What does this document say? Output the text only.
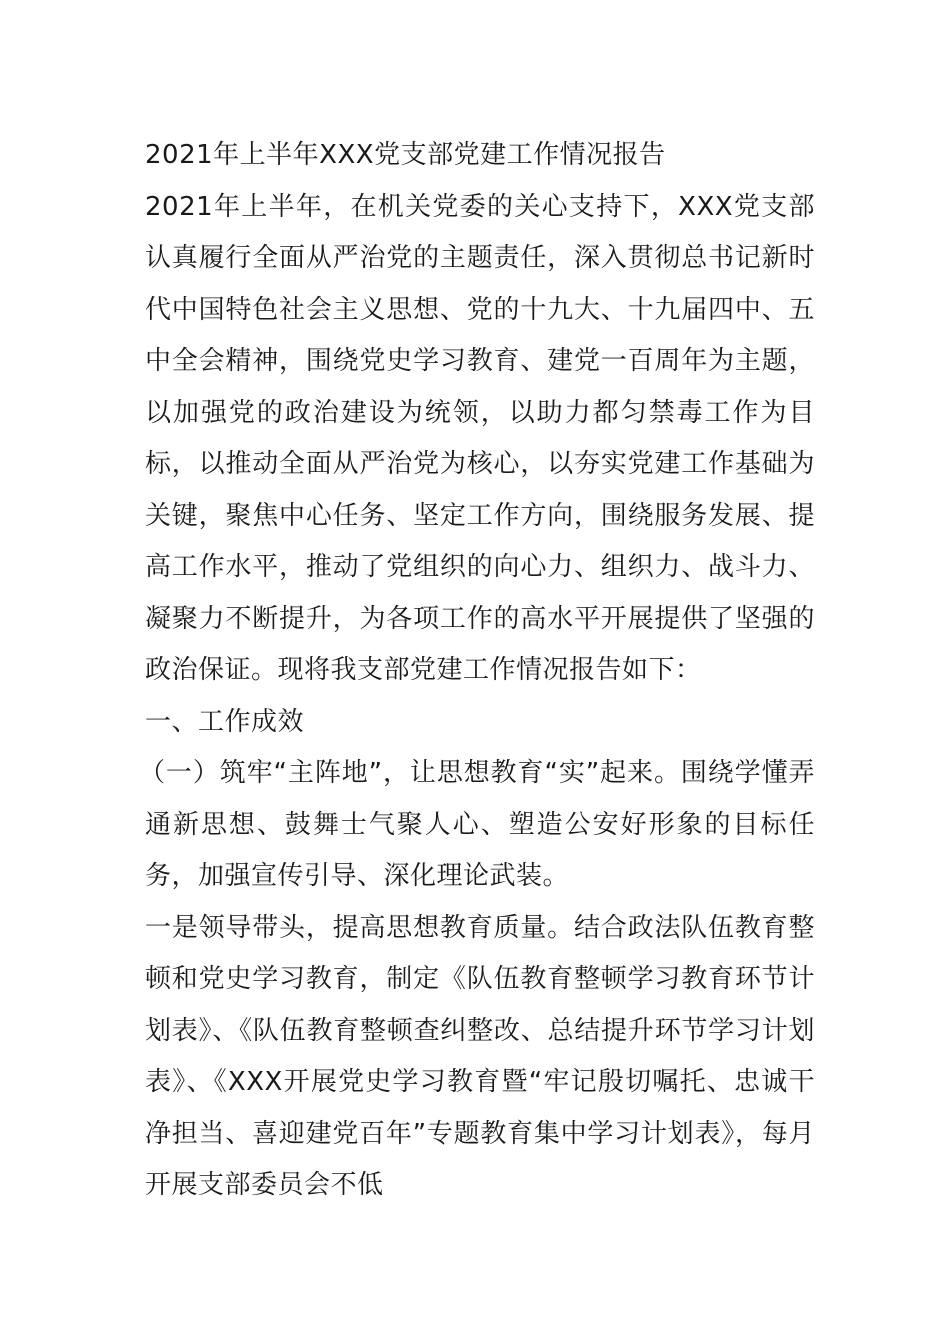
2021年上半年XXX党支部党建工作情况报告

2021年上半年，在机关党委的关心支持下，XXX党支部认真履行全面从严治党的主题责任，深入贯彻总书记新时代中国特色社会主义思想、党的十九大、十九届四中、五中全会精神，围绕党史学习教育、建党一百周年为主题，以加强党的政治建设为统领，以助力都匀禁毒工作为目标，以推动全面从严治党为核心，以夯实党建工作基础为关键，聚焦中心任务、坚定工作方向，围绕服务发展、提高工作水平，推动了党组织的向心力、组织力、战斗力、凝聚力不断提升，为各项工作的高水平开展提供了坚强的政治保证。现将我支部党建工作情况报告如下：

一、工作成效

（一）筑牢“主阵地”，让思想教育“实”起来。围绕学懂弄通新思想、鼓舞士气聚人心、塑造公安好形象的目标任务，加强宣传引导、深化理论武装。

一是领导带头，提高思想教育质量。结合政法队伍教育整顿和党史学习教育，制定《队伍教育整顿学习教育环节计划表》、《队伍教育整顿查纠整改、总结提升环节学习计划表》、《XXX开展党史学习教育暨“牢记殷切嘱托、忠诚干净担当、喜迎建党百年”专题教育集中学习计划表》，每月开展支部委员会不低
